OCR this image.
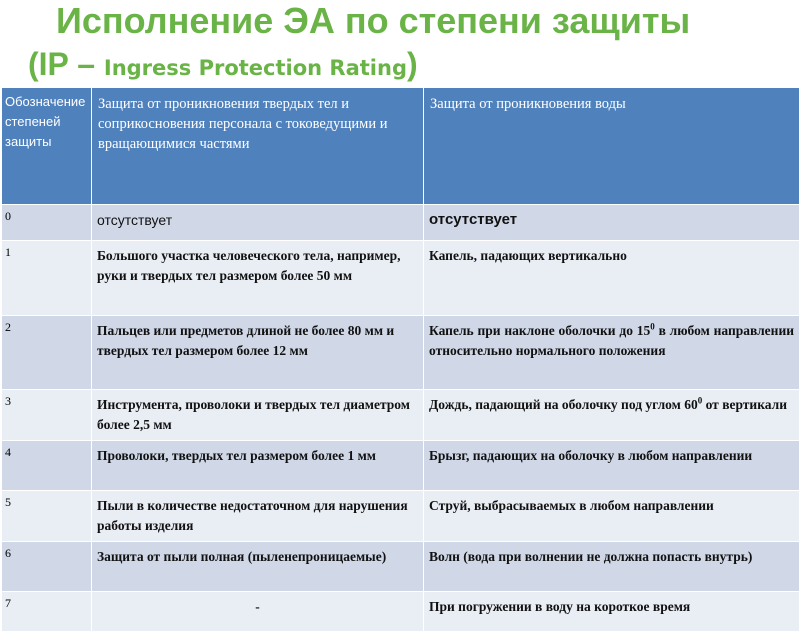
Исполнение ЭА по степени защиты
(IP – Ingress Protection Rating)
Обозначение степеней защиты	Защита от проникновения твердых тел и соприкосновения персонала с токоведущими и вращающимися частями	Защита от проникновения воды
0	отсутствует	отсутствует
1	Большого участка человеческого тела, например, руки и твердых тел размером более 50 мм	Капель, падающих вертикально
2	Пальцев или предметов длиной не более 80 мм и твердых тел размером более 12 мм	Капель при наклоне оболочки до $15^0$ в любом направлении относительно нормального положения
3	Инструмента, проволоки и твердых тел диаметром более 2,5 мм	Дождь, падающий на оболочку под углом $60^0$ от вертикали
4	Проволоки, твердых тел размером более 1 мм	Брызг, падающих на оболочку в любом направлении
5	Пыли в количестве недостаточном для нарушения работы изделия	Струй, выбрасываемых в любом направлении
6	Защита от пыли полная (пыленепроницаемые)	Волн (вода при волнении не должна попасть внутрь)
7	-	При погружении в воду на короткое время
